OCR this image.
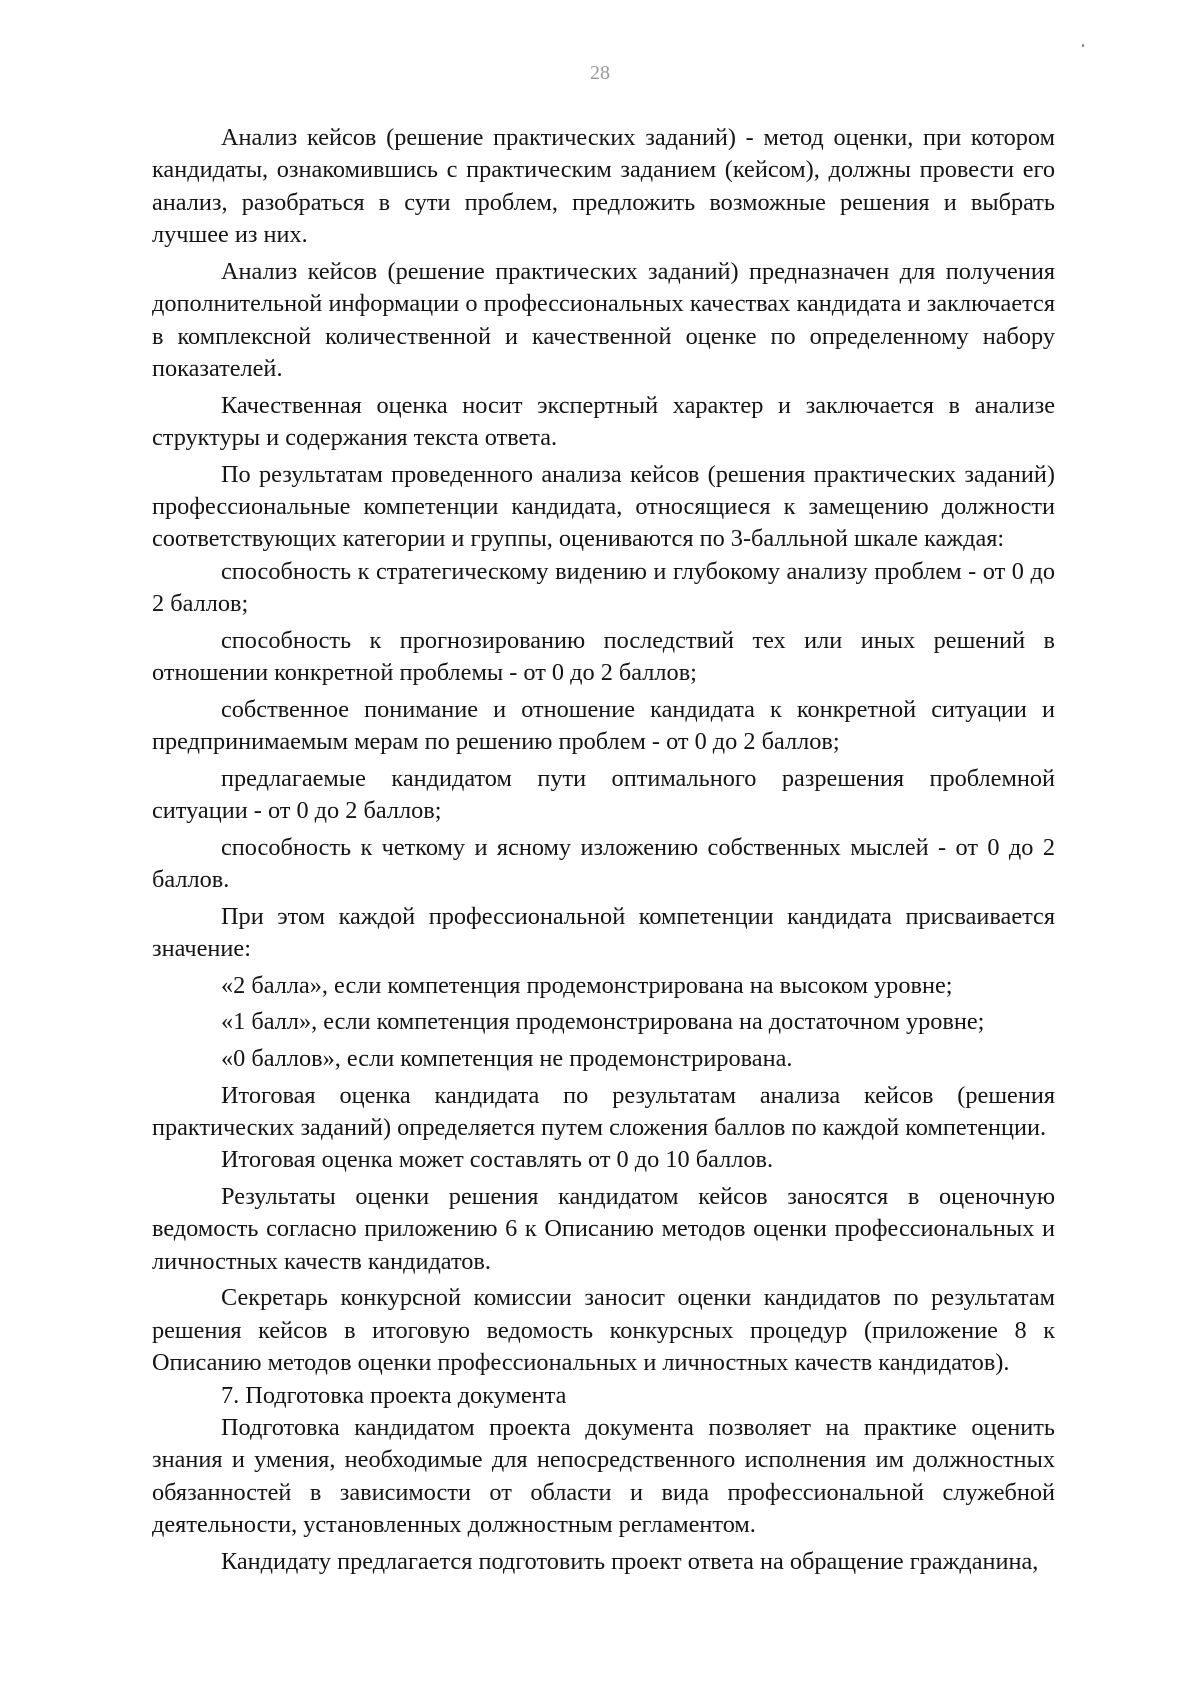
28

Анализ кейсов (решение практических заданий) - метод оценки, при котором кандидаты, ознакомившись с практическим заданием (кейсом), должны провести его анализ, разобраться в сути проблем, предложить возможные решения и выбрать лучшее из них.

Анализ кейсов (решение практических заданий) предназначен для получения дополнительной информации о профессиональных качествах кандидата и заключается в комплексной количественной и качественной оценке по определенному набору показателей.

Качественная оценка носит экспертный характер и заключается в анализе структуры и содержания текста ответа.

По результатам проведенного анализа кейсов (решения практических заданий) профессиональные компетенции кандидата, относящиеся к замещению должности соответствующих категории и группы, оцениваются по 3-балльной шкале каждая:

способность к стратегическому видению и глубокому анализу проблем - от 0 до 2 баллов;

способность к прогнозированию последствий тех или иных решений в отношении конкретной проблемы - от 0 до 2 баллов;

собственное понимание и отношение кандидата к конкретной ситуации и предпринимаемым мерам по решению проблем - от 0 до 2 баллов;

предлагаемые кандидатом пути оптимального разрешения проблемной ситуации - от 0 до 2 баллов;

способность к четкому и ясному изложению собственных мыслей - от 0 до 2 баллов.

При этом каждой профессиональной компетенции кандидата присваивается значение:

«2 балла», если компетенция продемонстрирована на высоком уровне;

«1 балл», если компетенция продемонстрирована на достаточном уровне;

«0 баллов», если компетенция не продемонстрирована.

Итоговая оценка кандидата по результатам анализа кейсов (решения практических заданий) определяется путем сложения баллов по каждой компетенции.

Итоговая оценка может составлять от 0 до 10 баллов.

Результаты оценки решения кандидатом кейсов заносятся в оценочную ведомость согласно приложению 6 к Описанию методов оценки профессиональных и личностных качеств кандидатов.

Секретарь конкурсной комиссии заносит оценки кандидатов по результатам решения кейсов в итоговую ведомость конкурсных процедур (приложение 8 к Описанию методов оценки профессиональных и личностных качеств кандидатов).

7. Подготовка проекта документа

Подготовка кандидатом проекта документа позволяет на практике оценить знания и умения, необходимые для непосредственного исполнения им должностных обязанностей в зависимости от области и вида профессиональной служебной деятельности, установленных должностным регламентом.

Кандидату предлагается подготовить проект ответа на обращение гражданина,
